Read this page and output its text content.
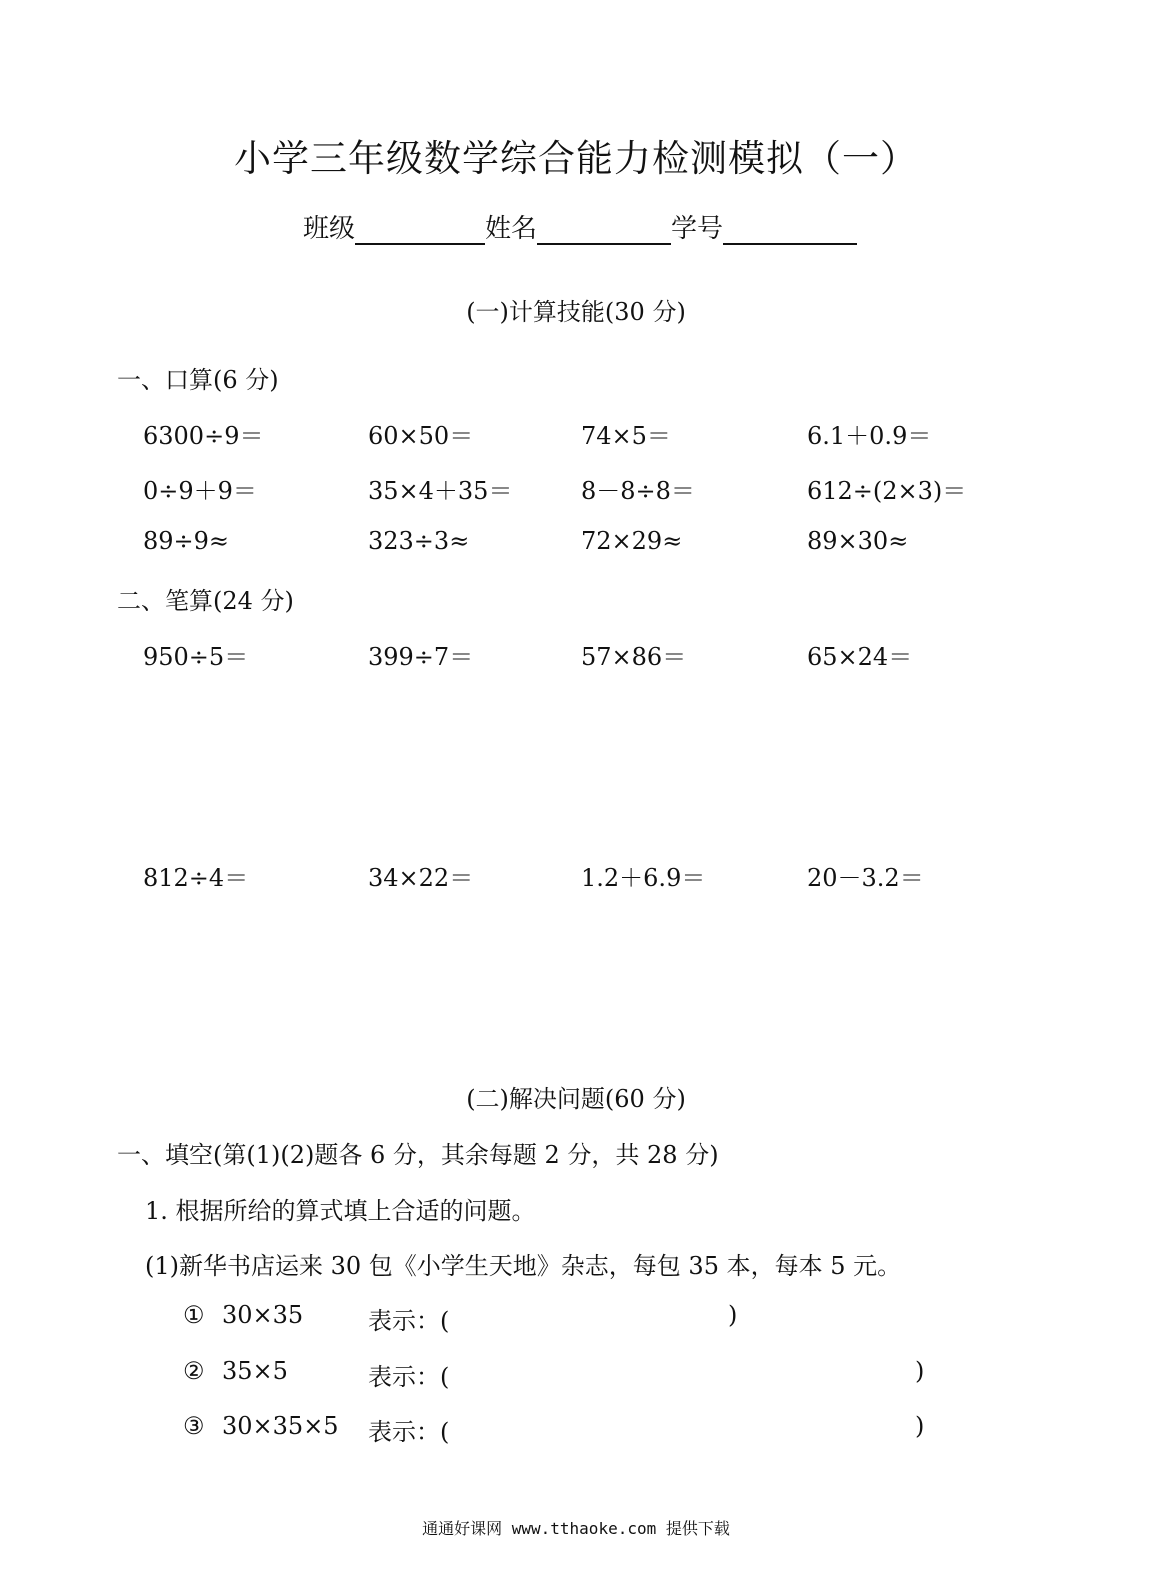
小学三年级数学综合能力检测模拟（一）
班级	姓名	学号
(一)计算技能(30 分)
一、口算(6 分)
6300÷9＝	60×50＝	74×5＝	6.1＋0.9＝
0÷9＋9＝	35×4＋35＝	8－8÷8＝	612÷(2×3)＝
89÷9≈	323÷3≈	72×29≈	89×30≈
二、笔算(24 分)
950÷5＝	399÷7＝	57×86＝	65×24＝
812÷4＝	34×22＝	1.2＋6.9＝	20－3.2＝
(二)解决问题(60 分)
一、填空(第(1)(2)题各 6 分，其余每题 2 分，共 28 分)
1. 根据所给的算式填上合适的问题。
(1)新华书店运来 30 包《小学生天地》杂志，每包 35 本，每本 5 元。
① 30×35	表示：(	)
② 35×5	表示：(	)
③ 30×35×5 表示：(	)
通通好课网 www.tthaoke.com 提供下载
